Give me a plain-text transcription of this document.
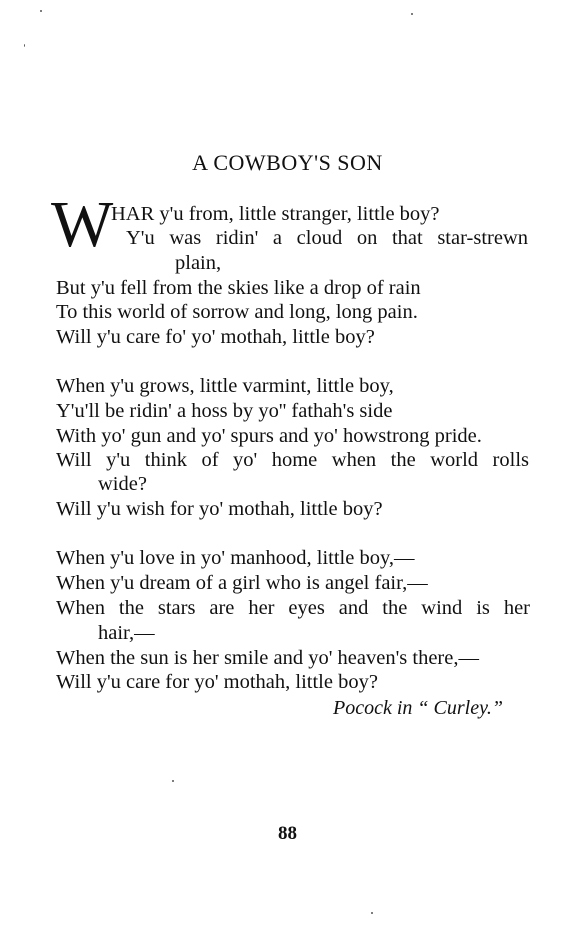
A COWBOY'S SON
W
HAR y'u from, little stranger, little boy?
Y'u was ridin' a cloud on that star-strewn
plain,
But y'u fell from the skies like a drop of rain
To this world of sorrow and long, long pain.
Will y'u care fo' yo' mothah, little boy?
When y'u grows, little varmint, little boy,
Y'u'll be ridin' a hoss by yo'' fathah's side
With yo' gun and yo' spurs and yo' howstrong pride.
Will y'u think of yo' home when the world rolls
wide?
Will y'u wish for yo' mothah, little boy?
When y'u love in yo' manhood, little boy,—
When y'u dream of a girl who is angel fair,—
When the stars are her eyes and the wind is her
hair,—
When the sun is her smile and yo' heaven's there,—
Will y'u care for yo' mothah, little boy?
Pocock in “ Curley.”
88
